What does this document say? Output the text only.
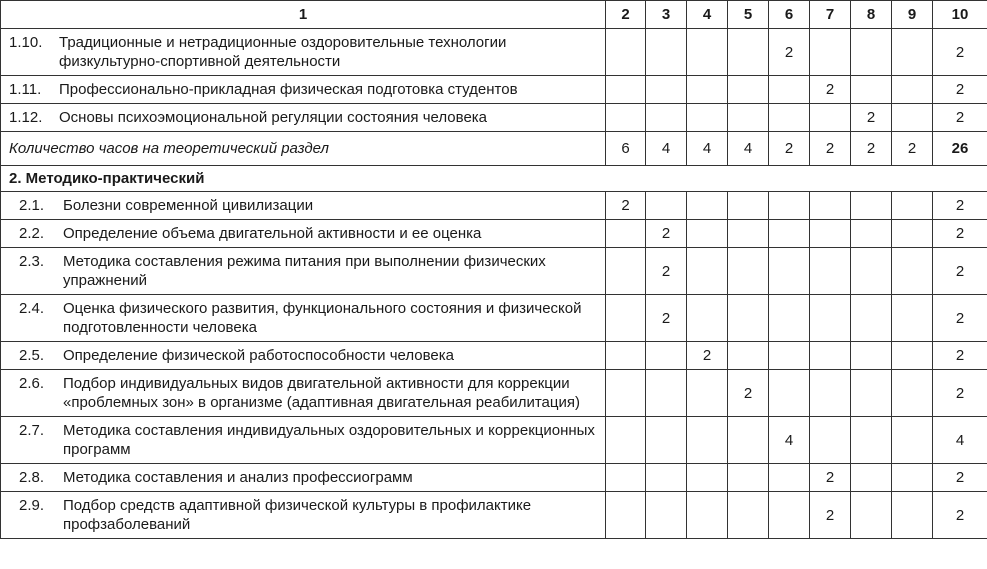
1	2	3	4	5	6	7	8	9	10

1.10. Традиционные и нетрадиционные оздоровительные технологии физкультурно-спортивной деятельности					2				2

1.11. Профессионально-прикладная физическая подготовка студентов						2			2

1.12. Основы психоэмоциональной регуляции состояния человека							2		2
Количество часов на теоретический раздел	6	4	4	4	2	2	2	2	26
2. Методико-практический									

2.1. Болезни современной цивилизации	2								2

2.2. Определение объема двигательной активности и ее оценка		2							2

2.3. Методика составления режима питания при выполнении физических упражнений		2							2

2.4. Оценка физического развития, функционального состояния и физической подготовленности человека		2							2

2.5. Определение физической работоспособности человека			2						2

2.6. Подбор индивидуальных видов двигательной активности для коррекции «проблемных зон» в организме (адаптивная двигательная реабилитация)				2					2

2.7. Методика составления индивидуальных оздоровительных и коррекционных программ					4				4

2.8. Методика составления и анализ профессиограмм						2			2

2.9. Подбор средств адаптивной физической культуры в профилактике профзаболеваний						2			2
